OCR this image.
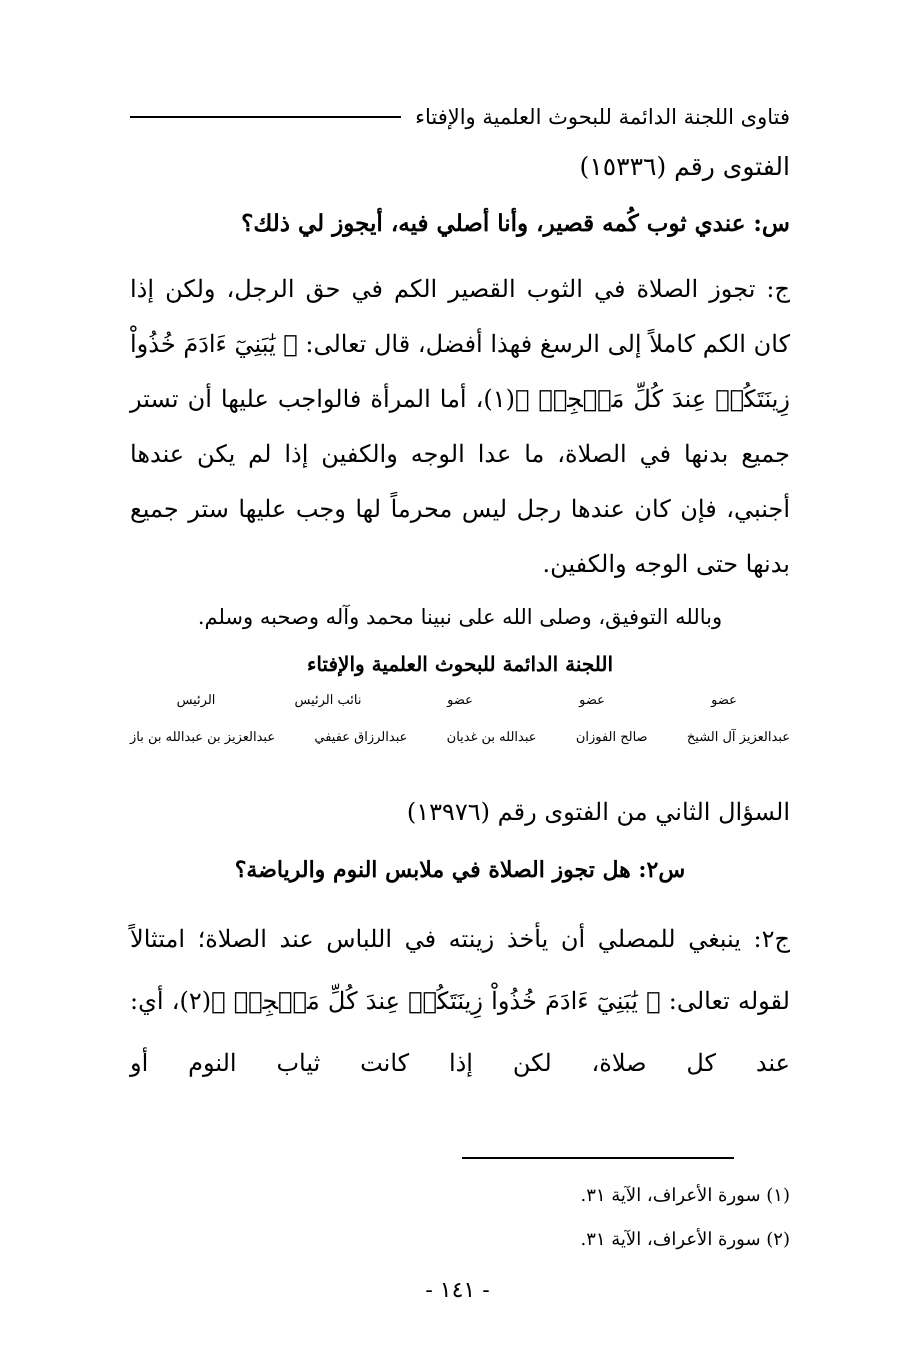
فتاوى اللجنة الدائمة للبحوث العلمية والإفتاء
الفتوى رقم (١٥٣٣٦)
س: عندي ثوب كُمه قصير، وأنا أصلي فيه، أيجوز لي ذلك؟
ج: تجوز الصلاة في الثوب القصير الكم في حق الرجل، ولكن إذا كان الكم كاملاً إلى الرسغ فهذا أفضل، قال تعالى: ﴿ يَٰبَنِيٓ ءَادَمَ خُذُواْ زِينَتَكُمۡ عِندَ كُلِّ مَسۡجِدٖ ﴾(١)، أما المرأة فالواجب عليها أن تستر جميع بدنها في الصلاة، ما عدا الوجه والكفين إذا لم يكن عندها أجنبي، فإن كان عندها رجل ليس محرماً لها وجب عليها ستر جميع بدنها حتى الوجه والكفين.
وبالله التوفيق، وصلى الله على نبينا محمد وآله وصحبه وسلم.
اللجنة الدائمة للبحوث العلمية والإفتاء
عضو
عضو
عضو
نائب الرئيس
الرئيس
عبدالعزيز آل الشيخ
صالح الفوزان
عبدالله بن غديان
عبدالرزاق عفيفي
عبدالعزيز بن عبدالله بن باز
السؤال الثاني من الفتوى رقم (١٣٩٧٦)
س٢: هل تجوز الصلاة في ملابس النوم والرياضة؟
ج٢: ينبغي للمصلي أن يأخذ زينته في اللباس عند الصلاة؛ امتثالاً لقوله تعالى: ﴿ يَٰبَنِيٓ ءَادَمَ خُذُواْ زِينَتَكُمۡ عِندَ كُلِّ مَسۡجِدٖ ﴾(٢)، أي: عند كل صلاة، لكن إذا كانت ثياب النوم أو
(١) سورة الأعراف، الآية ٣١.
(٢) سورة الأعراف، الآية ٣١.
- ١٤١ -
